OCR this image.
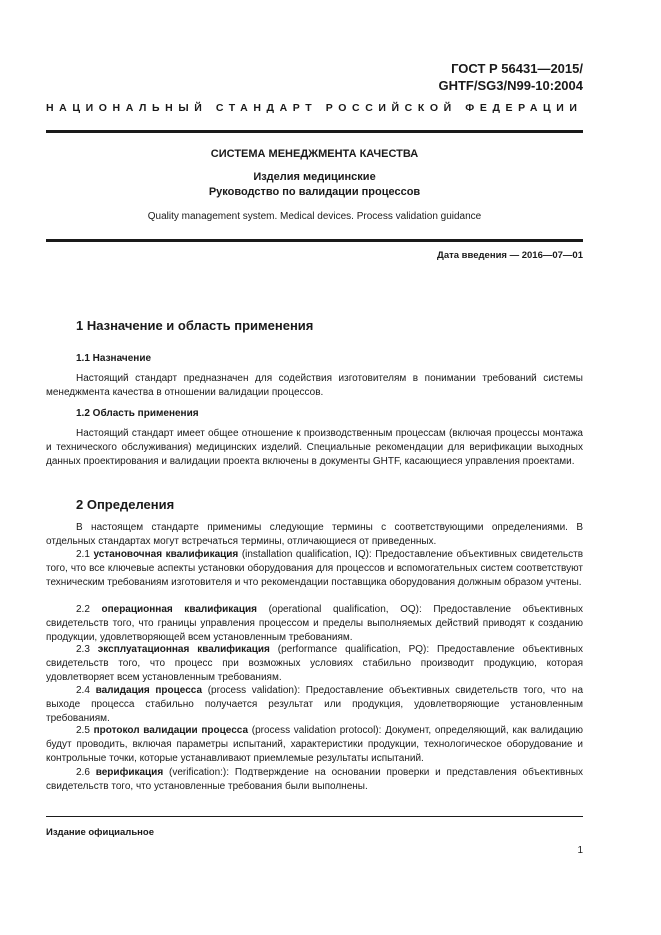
ГОСТ Р 56431—2015/
GHTF/SG3/N99-10:2004
НАЦИОНАЛЬНЫЙ СТАНДАРТ РОССИЙСКОЙ ФЕДЕРАЦИИ
СИСТЕМА МЕНЕДЖМЕНТА КАЧЕСТВА
Изделия медицинские
Руководство по валидации процессов
Quality management system. Medical devices. Process validation guidance
Дата введения — 2016—07—01
1 Назначение и область применения
1.1 Назначение

Настоящий стандарт предназначен для содействия изготовителям в понимании требований системы менеджмента качества в отношении валидации процессов.

1.2 Область применения

Настоящий стандарт имеет общее отношение к производственным процессам (включая процессы монтажа и технического обслуживания) медицинских изделий. Специальные рекомендации для верификации выходных данных проектирования и валидации проекта включены в документы GHTF, касающиеся управления проектами.

2 Определения

В настоящем стандарте применимы следующие термины с соответствующими определениями. В отдельных стандартах могут встречаться термины, отличающиеся от приведенных.

2.1 установочная квалификация (installation qualification, IQ): Предоставление объективных свидетельств того, что все ключевые аспекты установки оборудования для процессов и вспомогательных систем соответствуют техническим требованиям изготовителя и что рекомендации поставщика оборудования должным образом учтены.

2.2 операционная квалификация (operational qualification, OQ): Предоставление объективных свидетельств того, что границы управления процессом и пределы выполняемых действий приводят к созданию продукции, удовлетворяющей всем установленным требованиям.

2.3 эксплуатационная квалификация (performance qualification, PQ): Предоставление объективных свидетельств того, что процесс при возможных условиях стабильно производит продукцию, которая удовлетворяет всем установленным требованиям.

2.4 валидация процесса (process validation): Предоставление объективных свидетельств того, что на выходе процесса стабильно получается результат или продукция, удовлетворяющие установленным требованиям.

2.5 протокол валидации процесса (process validation protocol): Документ, определяющий, как валидацию будут проводить, включая параметры испытаний, характеристики продукции, технологическое оборудование и контрольные точки, которые устанавливают приемлемые результаты испытаний.

2.6 верификация (verification:): Подтверждение на основании проверки и представления объективных свидетельств того, что установленные требования были выполнены.

Издание официальное
1
